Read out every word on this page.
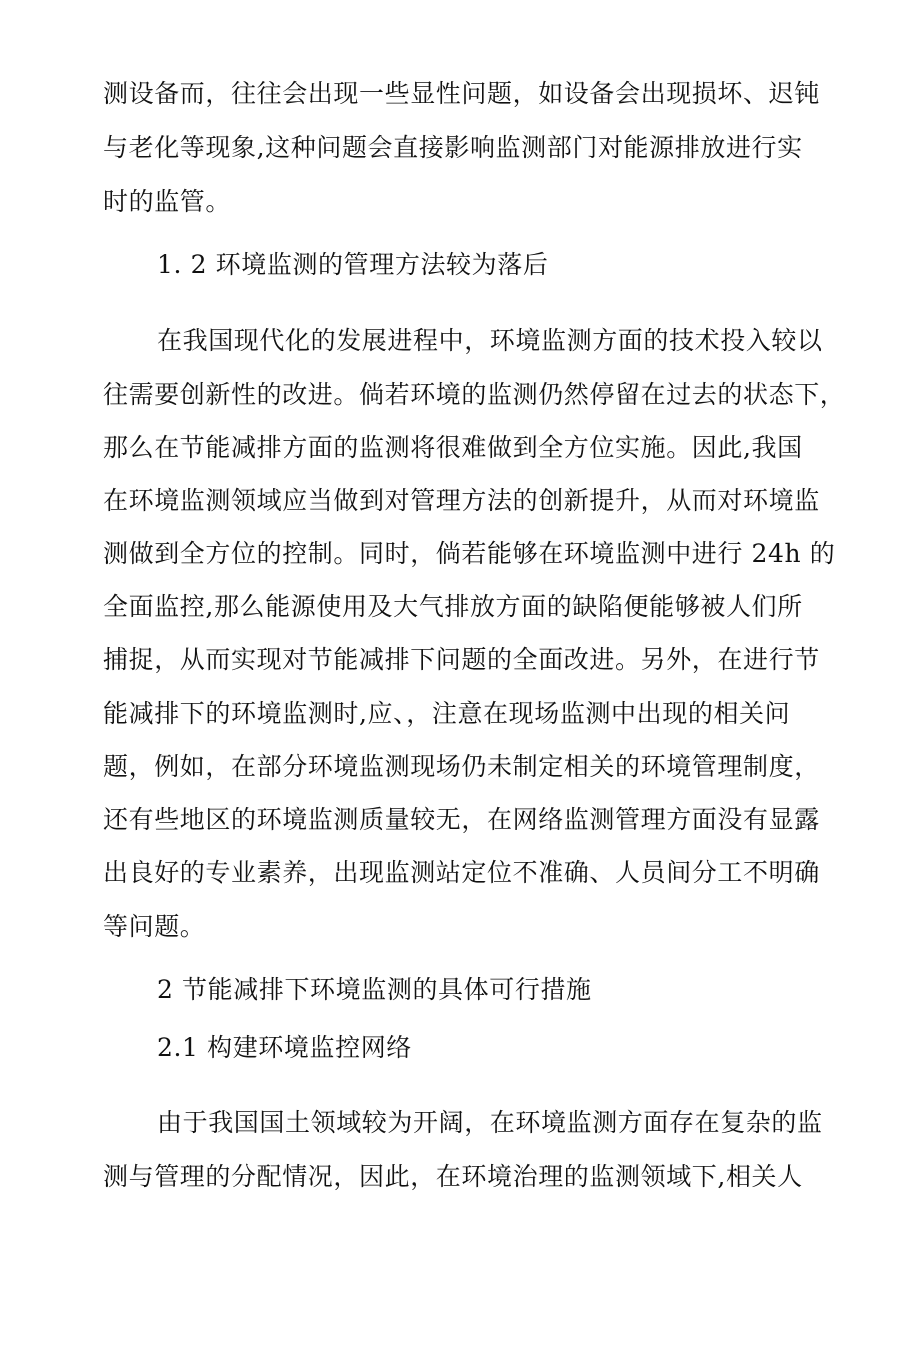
测设备而，往往会出现一些显性问题，如设备会出现损坏、迟钝
与老化等现象,这种问题会直接影响监测部门对能源排放进行实
时的监管。
1. 2 环境监测的管理方法较为落后
在我国现代化的发展进程中，环境监测方面的技术投入较以
往需要创新性的改进。倘若环境的监测仍然停留在过去的状态下，
那么在节能减排方面的监测将很难做到全方位实施。因此,我国
在环境监测领域应当做到对管理方法的创新提升，从而对环境监
测做到全方位的控制。同时，倘若能够在环境监测中进行 24h 的
全面监控,那么能源使用及大气排放方面的缺陷便能够被人们所
捕捉，从而实现对节能减排下问题的全面改进。另外，在进行节
能减排下的环境监测时,应、，注意在现场监测中出现的相关问
题，例如，在部分环境监测现场仍未制定相关的环境管理制度，
还有些地区的环境监测质量较无，在网络监测管理方面没有显露
出良好的专业素养，出现监测站定位不准确、人员间分工不明确
等问题。
2 节能减排下环境监测的具体可行措施
2.1 构建环境监控网络
由于我国国土领域较为开阔，在环境监测方面存在复杂的监
测与管理的分配情况，因此，在环境治理的监测领域下,相关人
